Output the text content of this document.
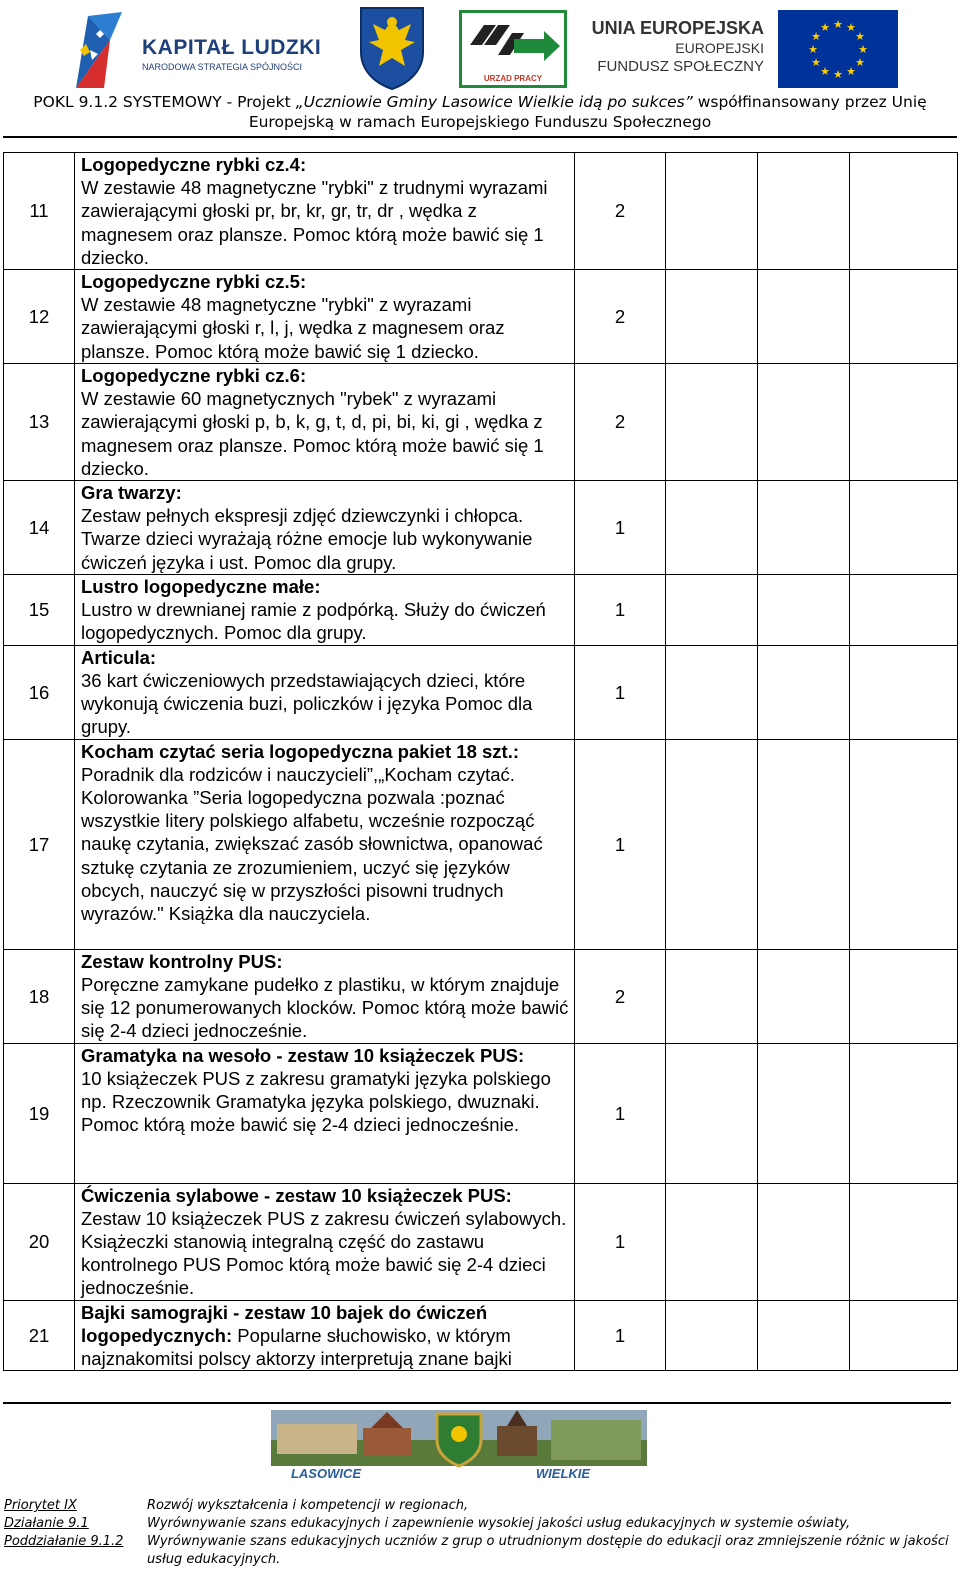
KAPITAŁ LUDZKI
NARODOWA STRATEGIA SPÓJNOŚCI
URZĄD PRACY
UNIA EUROPEJSKA
EUROPEJSKI
FUNDUSZ SPOŁECZNY
★ ★
★
★
★
★
★
★
★
★
★
★
POKL 9.1.2 SYSTEMOWY - Projekt „Uczniowie Gminy Lasowice Wielkie idą po sukces” współfinansowany przez Unię
Europejską w ramach Europejskiego Funduszu Społecznego
11	Logopedyczne rybki cz.4:
W zestawie 48 magnetyczne "rybki" z trudnymi wyrazami zawierającymi głoski pr, br, kr, gr, tr, dr , wędka z magnesem oraz plansze. Pomoc którą może bawić się 1 dziecko.	2			
12	Logopedyczne rybki cz.5:
W zestawie 48 magnetyczne "rybki" z wyrazami zawierającymi głoski r, l, j, wędka z magnesem oraz plansze. Pomoc którą może bawić się 1 dziecko.	2			
13	Logopedyczne rybki cz.6:
W zestawie 60 magnetycznych "rybek" z wyrazami zawierającymi głoski p, b, k, g, t, d, pi, bi, ki, gi , wędka z magnesem oraz plansze. Pomoc którą może bawić się 1 dziecko.	2			
14	Gra twarzy:
Zestaw pełnych ekspresji zdjęć dziewczynki i chłopca. Twarze dzieci wyrażają różne emocje lub wykonywanie ćwiczeń języka i ust. Pomoc dla grupy.	1			
15	Lustro logopedyczne małe:
Lustro w drewnianej ramie z podpórką. Służy do ćwiczeń logopedycznych. Pomoc dla grupy.	1			
16	Articula:
36 kart ćwiczeniowych przedstawiających dzieci, które wykonują ćwiczenia buzi, policzków i języka Pomoc dla grupy.	1			
17	Kocham czytać seria logopedyczna pakiet 18 szt.:
Poradnik dla rodziców i nauczycieli”,„Kocham czytać. Kolorowanka ”Seria logopedyczna pozwala :poznać wszystkie litery polskiego alfabetu, wcześnie rozpocząć naukę czytania, zwiększać zasób słownictwa, opanować sztukę czytania ze zrozumieniem, uczyć się języków obcych, nauczyć się w przyszłości pisowni trudnych wyrazów." Książka dla nauczyciela.	1			
18	Zestaw kontrolny PUS:
Poręczne zamykane pudełko z plastiku, w którym znajduje się 12 ponumerowanych klocków. Pomoc którą może bawić się 2-4 dzieci jednocześnie.	2			
19	Gramatyka na wesoło - zestaw 10 książeczek PUS:
10 książeczek PUS z zakresu gramatyki języka polskiego np. Rzeczownik Gramatyka języka polskiego, dwuznaki. Pomoc którą może bawić się 2-4 dzieci jednocześnie.	1			
20	Ćwiczenia sylabowe - zestaw 10 książeczek PUS:
Zestaw 10 książeczek PUS z zakresu ćwiczeń sylabowych. Książeczki stanowią integralną część do zastawu kontrolnego PUS Pomoc którą może bawić się 2-4 dzieci jednocześnie.	1			
21	Bajki samograjki - zestaw 10 bajek do ćwiczeń logopedycznych: Popularne słuchowisko, w którym najznakomitsi polscy aktorzy interpretują znane bajki	1			
LASOWICE	WIELKIE
Priorytet IX
Działanie 9.1
Poddziałanie 9.1.2
Rozwój wykształcenia i kompetencji w regionach,
Wyrównywanie szans edukacyjnych i zapewnienie wysokiej jakości usług edukacyjnych w systemie oświaty,
Wyrównywanie szans edukacyjnych uczniów z grup o utrudnionym dostępie do edukacji oraz zmniejszenie różnic w jakości usług edukacyjnych.
